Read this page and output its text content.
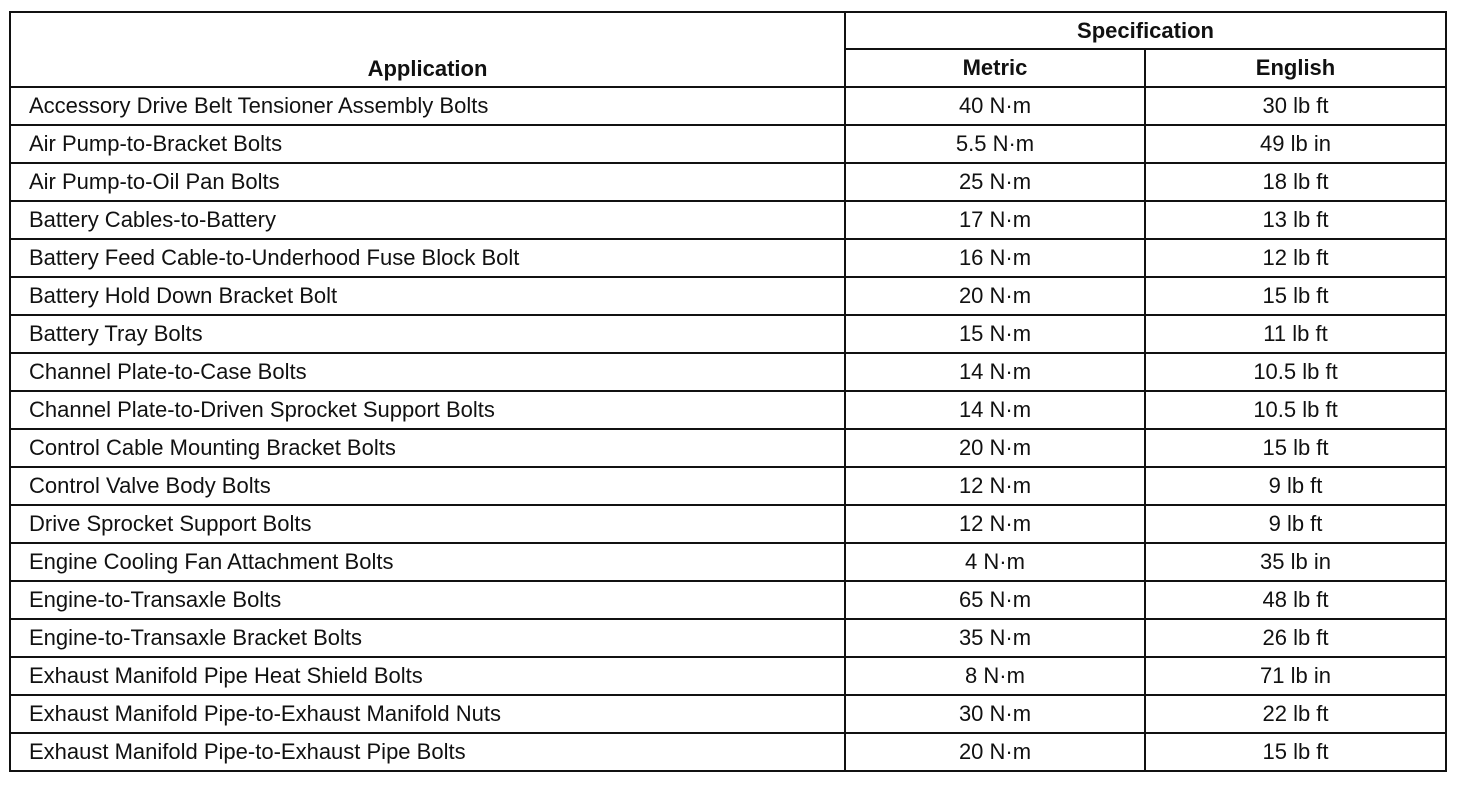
Application	Specification	
	Metric	English
Accessory Drive Belt Tensioner Assembly Bolts	40 N·m	30 lb ft
Air Pump-to-Bracket Bolts	5.5 N·m	49 lb in
Air Pump-to-Oil Pan Bolts	25 N·m	18 lb ft
Battery Cables-to-Battery	17 N·m	13 lb ft
Battery Feed Cable-to-Underhood Fuse Block Bolt	16 N·m	12 lb ft
Battery Hold Down Bracket Bolt	20 N·m	15 lb ft
Battery Tray Bolts	15 N·m	11 lb ft
Channel Plate-to-Case Bolts	14 N·m	10.5 lb ft
Channel Plate-to-Driven Sprocket Support Bolts	14 N·m	10.5 lb ft
Control Cable Mounting Bracket Bolts	20 N·m	15 lb ft
Control Valve Body Bolts	12 N·m	9 lb ft
Drive Sprocket Support Bolts	12 N·m	9 lb ft
Engine Cooling Fan Attachment Bolts	4 N·m	35 lb in
Engine-to-Transaxle Bolts	65 N·m	48 lb ft
Engine-to-Transaxle Bracket Bolts	35 N·m	26 lb ft
Exhaust Manifold Pipe Heat Shield Bolts	8 N·m	71 lb in
Exhaust Manifold Pipe-to-Exhaust Manifold Nuts	30 N·m	22 lb ft
Exhaust Manifold Pipe-to-Exhaust Pipe Bolts	20 N·m	15 lb ft
